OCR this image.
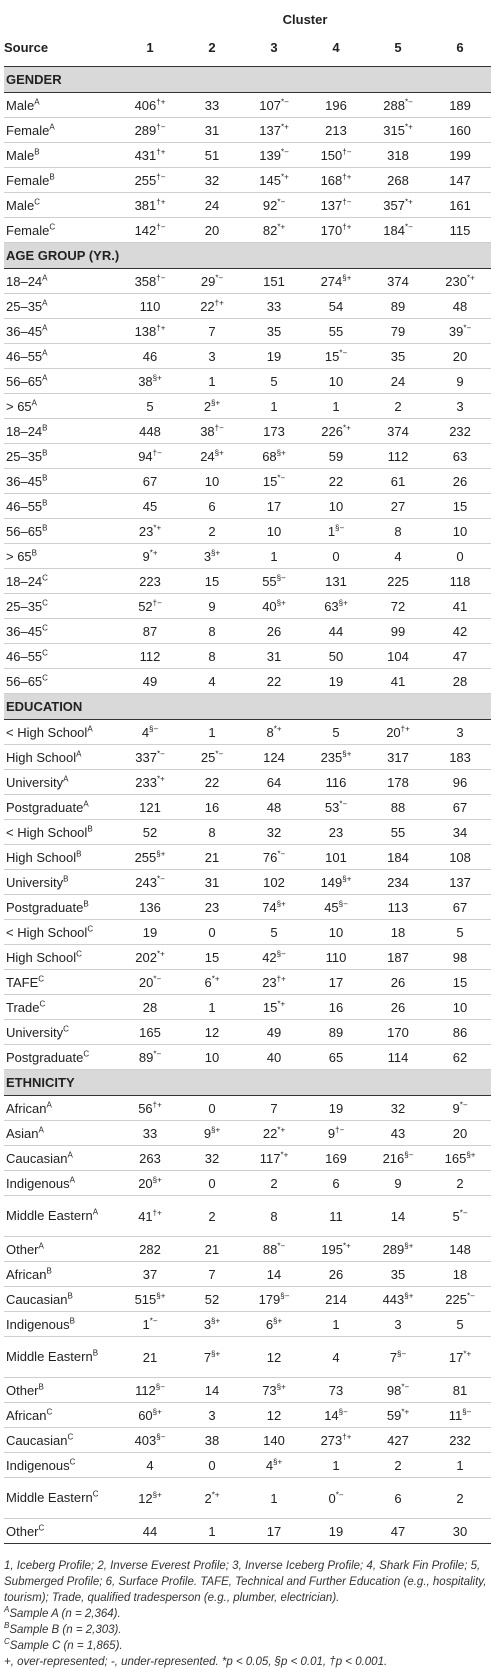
	Cluster					
Source	1	2	3	4	5	6
GENDER						
Male$^A$	406†+	33	107*−	196	288*−	189
Female$^A$	289†−	31	137*+	213	315*+	160
Male$^B$	431†+	51	139*−	150†−	318	199
Female$^B$	255†−	32	145*+	168†+	268	147
Male$^C$	381†+	24	92*−	137†−	357*+	161
Female$^C$	142†−	20	82*+	170†+	184*−	115
AGE GROUP (YR.)						
$18-24^A$	358†−	29*−	151	274§+	374	230*+
$25-35^A$	110	22†+	33	54	89	48
$36-45^A$	138†+	7	35	55	79	39*−
$46-55^A$	46	3	19	15*−	35	20
$56-65^A$	38§+	1	5	10	24	9
> $65^A$	5	2§+	1	1	2	3
$18-24^B$	448	38†−	173	226*+	374	232
$25-35^B$	94†−	24§+	68§+	59	112	63
$36-45^B$	67	10	15*−	22	61	26
$46-55^B$	45	6	17	10	27	15
$56-65^B$	23*+	2	10	1§−	8	10
> $65^B$	9*+	3§+	1	0	4	0
$18-24^C$	223	15	55§−	131	225	118
$25-35^C$	52†−	9	40§+	63§+	72	41
$36-45^C$	87	8	26	44	99	42
$46-55^C$	112	8	31	50	104	47
$56-65^C$	49	4	22	19	41	28
EDUCATION						
< High School$^A$	4§−	1	8*+	5	20†+	3
High School$^A$	337*−	25*−	124	235§+	317	183
University$^A$	233*+	22	64	116	178	96
Postgraduate$^A$	121	16	48	53*−	88	67
< High School$^B$	52	8	32	23	55	34
High School$^B$	255§+	21	76*−	101	184	108
University$^B$	243*−	31	102	149§+	234	137
Postgraduate$^B$	136	23	74§+	45§−	113	67
< High School$^C$	19	0	5	10	18	5
High School$^C$	202*+	15	42§−	110	187	98
$TAFE^C$	20*−	6*+	23†+	17	26	15
Trade$^C$	28	1	15*+	16	26	10
University$^C$	165	12	49	89	170	86
Postgraduate$^C$	89*−	10	40	65	114	62
ETHNICITY						
African$^A$	56†+	0	7	19	32	9*−
Asian$^A$	33	9§+	22*+	9†−	43	20
Caucasian$^A$	263	32	117*+	169	216§−	165§+
Indigenous$^A$	20§+	0	2	6	9	2
Middle Eastern$^A$	41†+	2	8	11	14	5*−
Other$^A$	282	21	88*−	195*+	289§+	148
African$^B$	37	7	14	26	35	18
Caucasian$^B$	515§+	52	179§−	214	443§+	225*−
Indigenous$^B$	1*−	3§+	6§+	1	3	5
Middle Eastern$^B$	21	7§+	12	4	7§−	17*+
Other$^B$	112§−	14	73§+	73	98*−	81
African$^C$	60§+	3	12	14§−	59*+	11§−
Caucasian$^C$	403§−	38	140	273†+	427	232
Indigenous$^C$	4	0	4§+	1	2	1
Middle Eastern$^C$	12§+	2*+	1	0*−	6	2
Other$^C$	44	1	17	19	47	30

1, Iceberg Profile; 2, Inverse Everest Profile; 3, Inverse Iceberg Profile; 4, Shark Fin Profile; 5, Submerged Profile; 6, Surface Profile. TAFE, Technical and Further Education (e.g., hospitality, tourism); Trade, qualified tradesperson (e.g., plumber, electrician).

$^A$Sample A (n = 2,364).

$^B$Sample B (n = 2,303).

$^C$Sample C (n = 1,865).

+, over-represented; -, under-represented. *p < 0.05, §p < 0.01, †p < 0.001.
